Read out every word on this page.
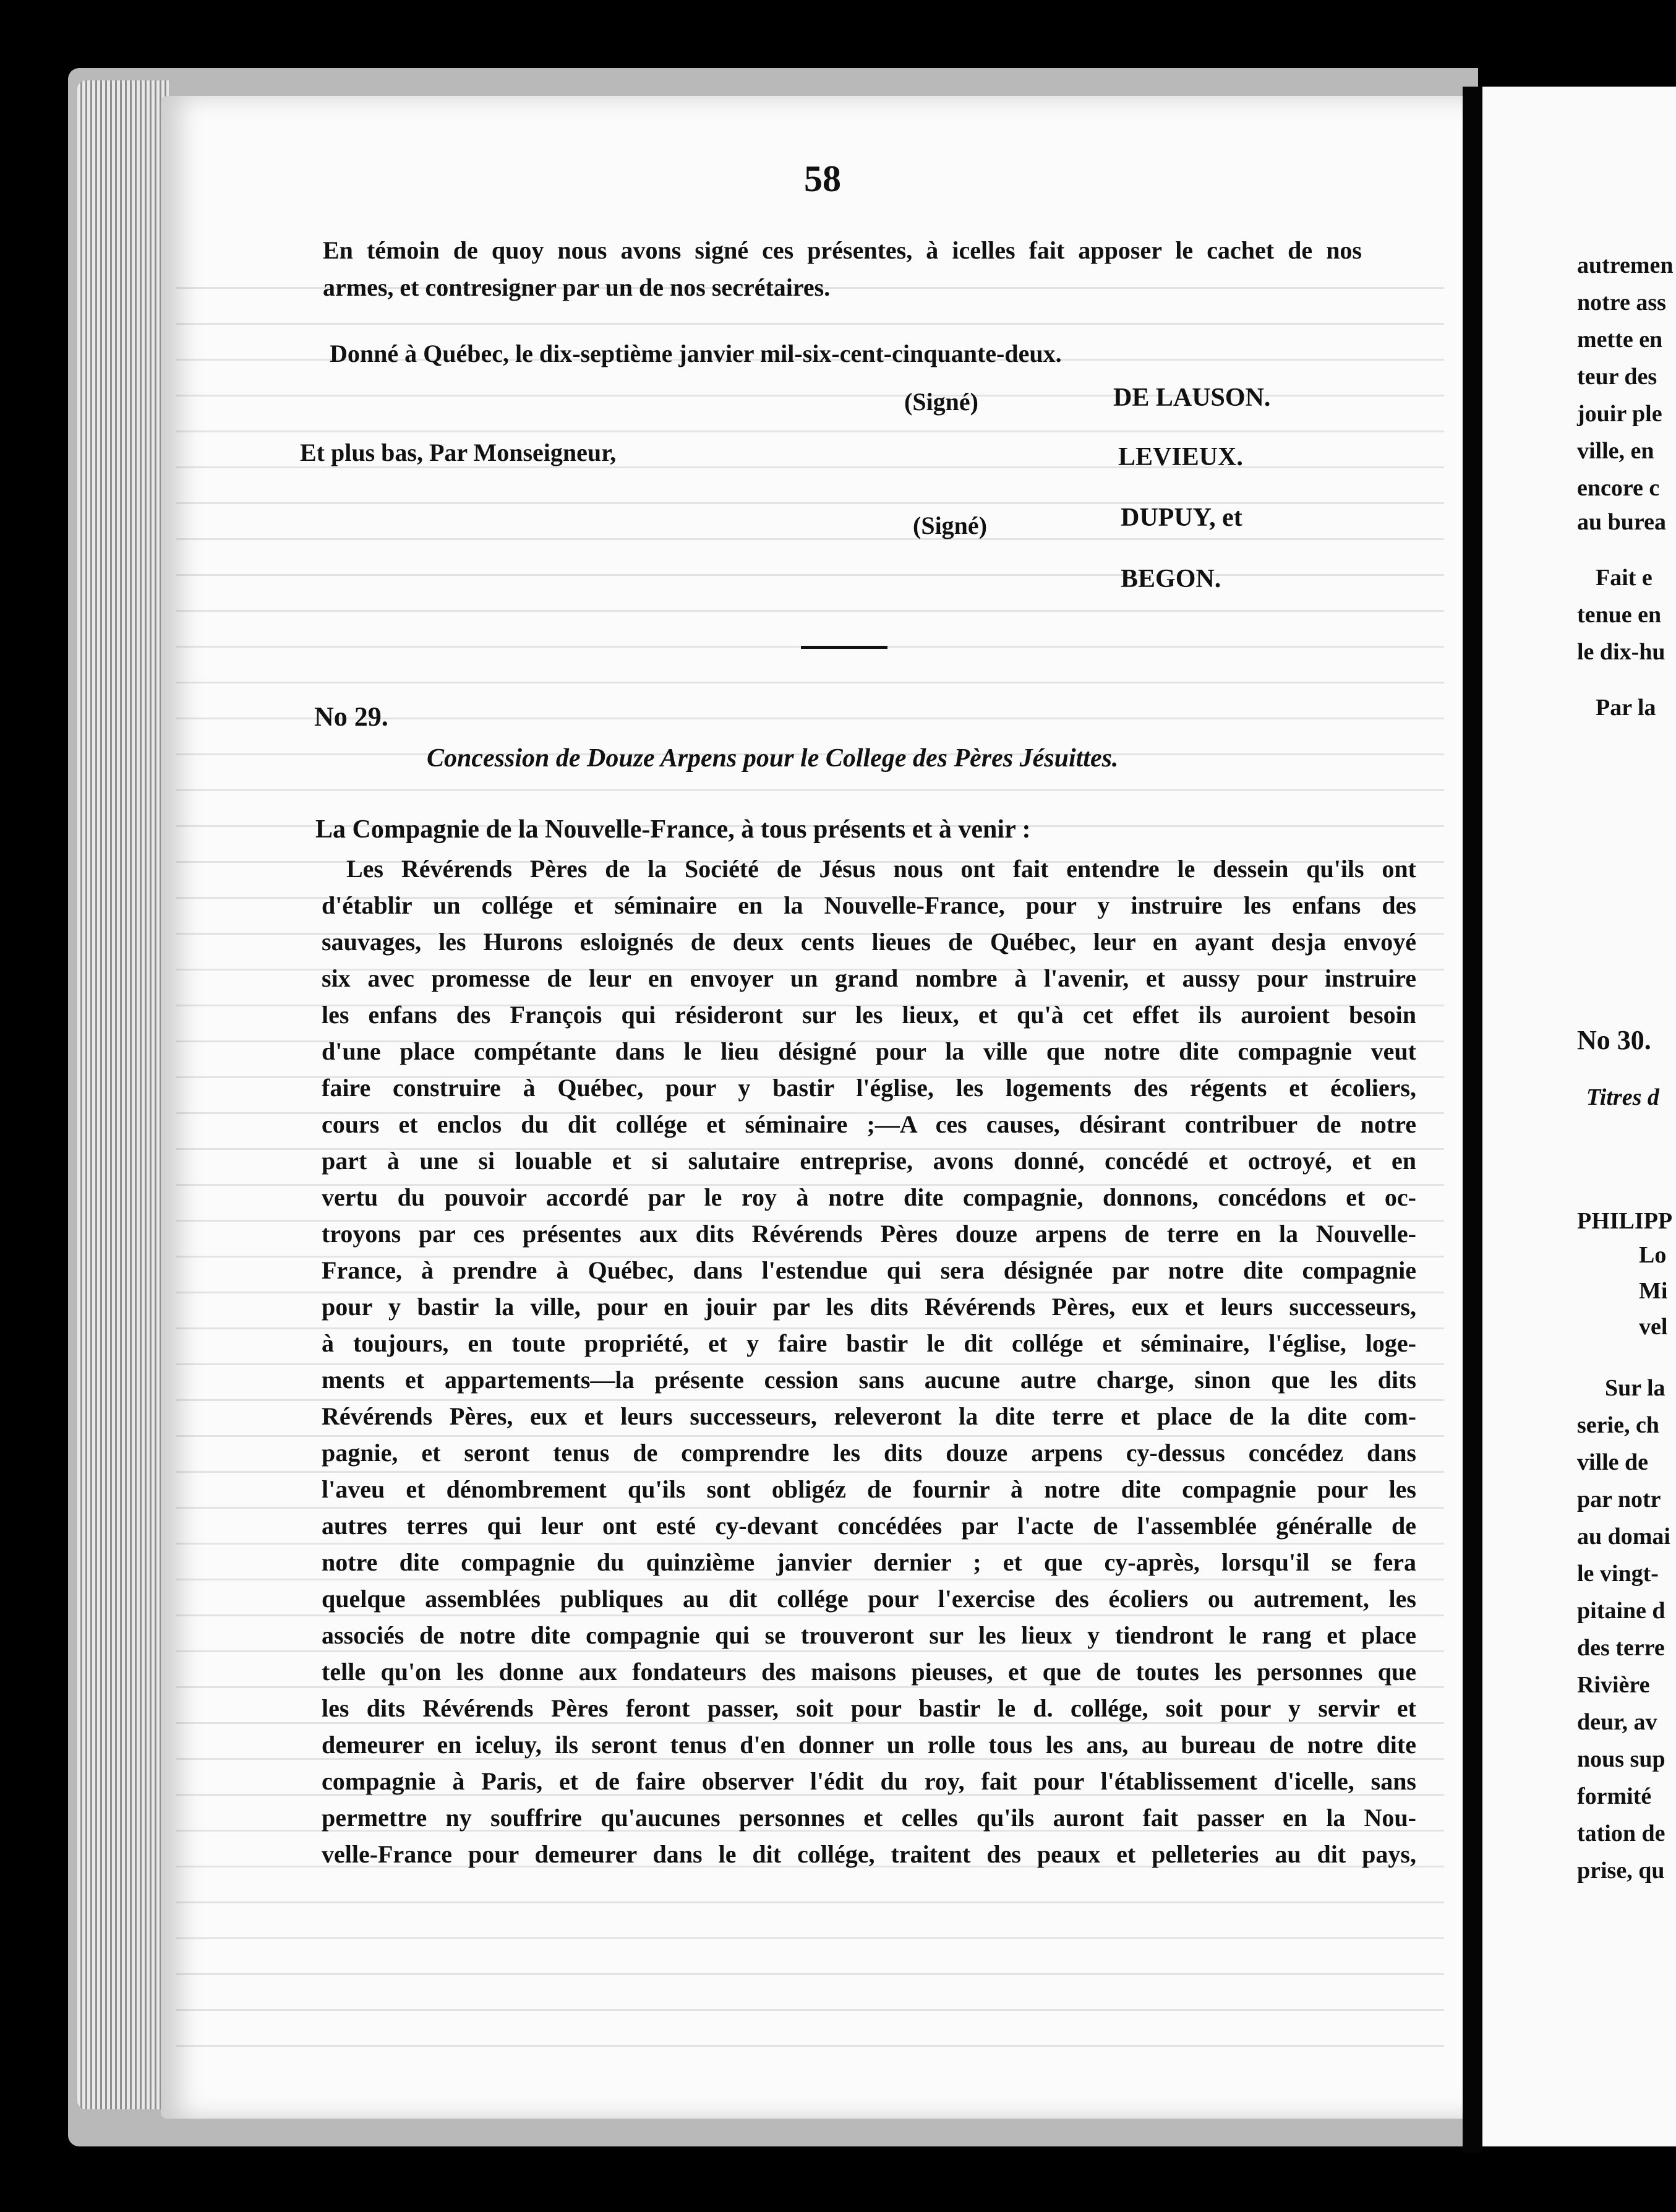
58
En témoin de quoy nous avons signé ces présentes, à icelles fait apposer le cachet de nos
armes, et contresigner par un de nos secrétaires.
Donné à Québec, le dix-septième janvier mil-six-cent-cinquante-deux.
(Signé)	DE LAUSON.
Et plus bas, Par Monseigneur,	LEVIEUX.
(Signé)	DUPUY, et
BEGON.
No 29.
Concession de Douze Arpens pour le College des Pères Jésuittes.
La Compagnie de la Nouvelle-France, à tous présents et à venir :
Les Révérends Pères de la Société de Jésus nous ont fait entendre le dessein qu'ils ont
d'établir un collége et séminaire en la Nouvelle-France, pour y instruire les enfans des
sauvages, les Hurons esloignés de deux cents lieues de Québec, leur en ayant desja envoyé
six avec promesse de leur en envoyer un grand nombre à l'avenir, et aussy pour instruire
les enfans des François qui résideront sur les lieux, et qu'à cet effet ils auroient besoin
d'une place compétante dans le lieu désigné pour la ville que notre dite compagnie veut
faire construire à Québec, pour y bastir l'église, les logements des régents et écoliers,
cours et enclos du dit collége et séminaire ;—A ces causes, désirant contribuer de notre
part à une si louable et si salutaire entreprise, avons donné, concédé et octroyé, et en
vertu du pouvoir accordé par le roy à notre dite compagnie, donnons, concédons et oc-
troyons par ces présentes aux dits Révérends Pères douze arpens de terre en la Nouvelle-
France, à prendre à Québec, dans l'estendue qui sera désignée par notre dite compagnie
pour y bastir la ville, pour en jouir par les dits Révérends Pères, eux et leurs successeurs,
à toujours, en toute propriété, et y faire bastir le dit collége et séminaire, l'église, loge-
ments et appartements—la présente cession sans aucune autre charge, sinon que les dits
Révérends Pères, eux et leurs successeurs, releveront la dite terre et place de la dite com-
pagnie, et seront tenus de comprendre les dits douze arpens cy-dessus concédez dans
l'aveu et dénombrement qu'ils sont obligéz de fournir à notre dite compagnie pour les
autres terres qui leur ont esté cy-devant concédées par l'acte de l'assemblée généralle de
notre dite compagnie du quinzième janvier dernier ; et que cy-après, lorsqu'il se fera
quelque assemblées publiques au dit collége pour l'exercise des écoliers ou autrement, les
associés de notre dite compagnie qui se trouveront sur les lieux y tiendront le rang et place
telle qu'on les donne aux fondateurs des maisons pieuses, et que de toutes les personnes que
les dits Révérends Pères feront passer, soit pour bastir le d. collége, soit pour y servir et
demeurer en iceluy, ils seront tenus d'en donner un rolle tous les ans, au bureau de notre dite
compagnie à Paris, et de faire observer l'édit du roy, fait pour l'établissement d'icelle, sans
permettre ny souffrire qu'aucunes personnes et celles qu'ils auront fait passer en la Nou-
velle-France pour demeurer dans le dit collége, traitent des peaux et pelleteries au dit pays,
autremen
notre ass
mette en
teur des
jouir ple
ville, en
encore c
au burea
Fait e
tenue en
le dix-hu
Par la
No 30.
Titres d
PHILIPP
Lo
Mi
vel
Sur la
serie, ch
ville de
par notr
au domai
le vingt-
pitaine d
des terre
Rivière
deur, av
nous sup
formité
tation de
prise, qu
